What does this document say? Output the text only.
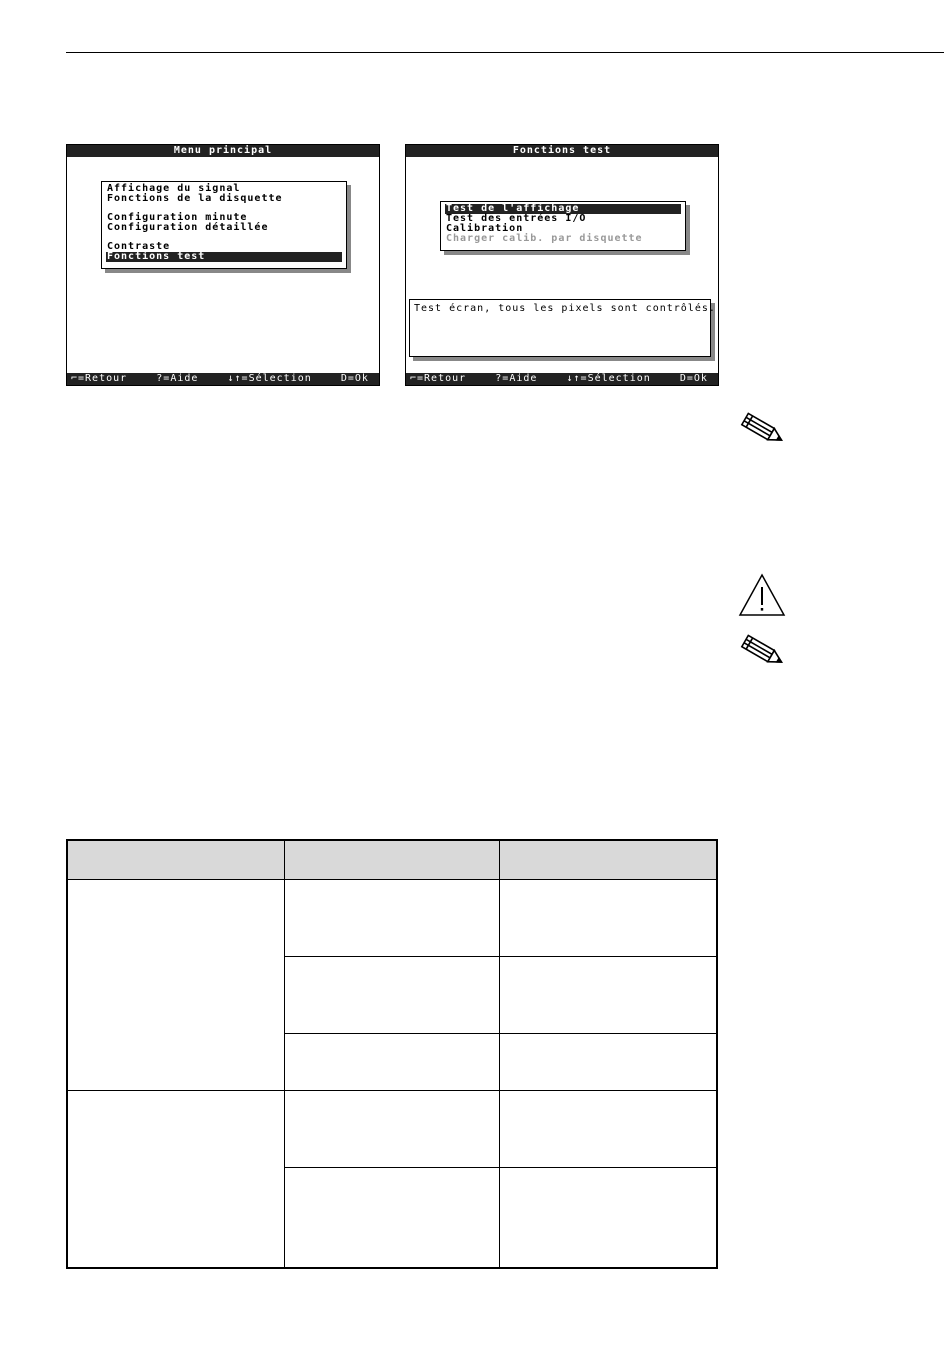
Menu principal
Affichage du signal
Fonctions de la disquette
Configuration minute
Configuration détaillée
Contraste
Fonctions test
⌐=Retour	?=Aide	↓↑=Sélection	D=Ok
Fonctions test
Test de l'affichage
Test des entrées I/O
Calibration
Charger calib. par disquette
Test écran, tous les pixels sont contrôlés.
⌐=Retour	?=Aide	↓↑=Sélection	D=Ok
